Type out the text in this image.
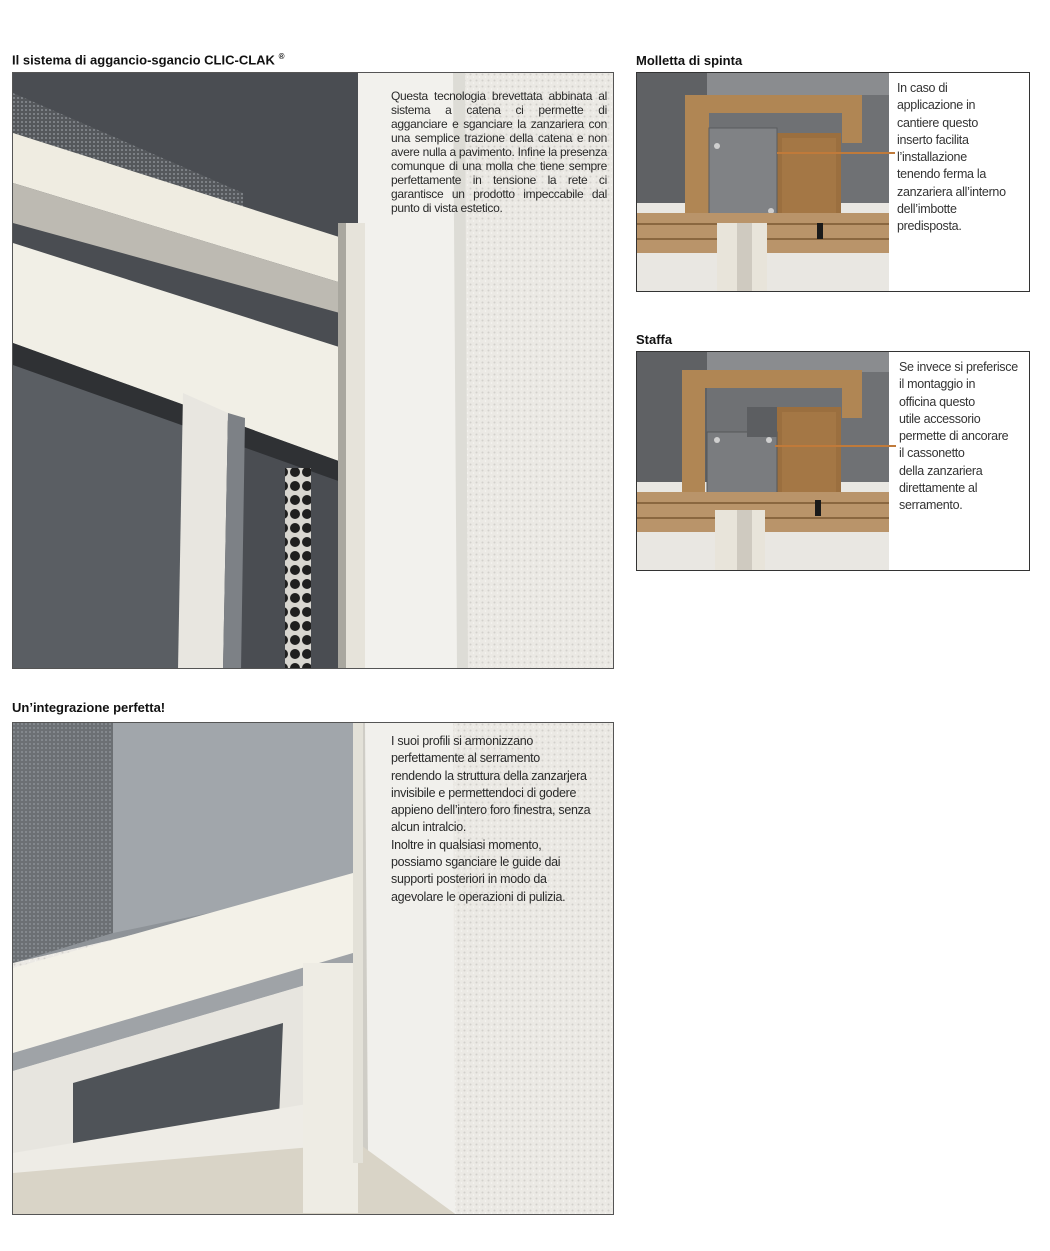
Il sistema di aggancio-sgancio CLIC-CLAK ®
Questa tecnologia brevettata abbinata al sistema a catena ci permette di agganciare e sganciare la zanzariera con una semplice trazione della catena e non avere nulla a pavimento. Infine la presenza comunque di una molla che tiene sempre perfettamente in tensione la rete ci garantisce un prodotto impeccabile dal punto di vista estetico.
Molletta di spinta
In caso di
applicazione in
cantiere questo
inserto facilita
l’installazione
tenendo ferma la
zanzariera all’interno
dell’imbotte
predisposta.
Staffa
Se invece si preferisce
il montaggio in
officina questo
utile accessorio
permette di ancorare
il cassonetto
della zanzariera
direttamente al
serramento.
Un’integrazione perfetta!
I suoi profili si armonizzano
perfettamente al serramento
rendendo la struttura della zanzarjera
invisibile e permettendoci di godere
appieno dell’intero foro finestra, senza
alcun intralcio.
Inoltre in qualsiasi momento,
possiamo sganciare le guide dai
supporti posteriori in modo da
agevolare le operazioni di pulizia.
